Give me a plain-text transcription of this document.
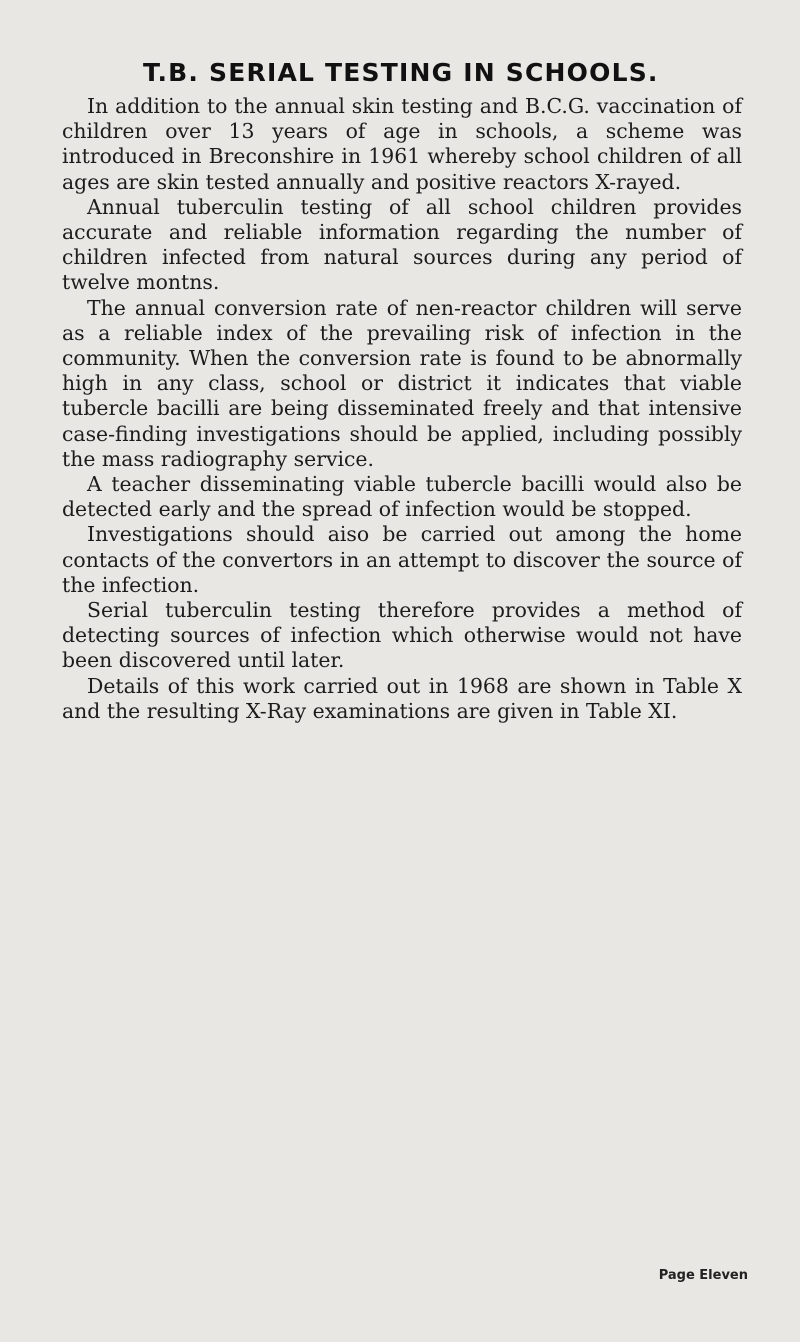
T.B. SERIAL TESTING IN SCHOOLS.

In addition to the annual skin testing and B.C.G. vaccination of children over 13 years of age in schools, a scheme was introduced in Breconshire in 1961 whereby school children of all ages are skin tested annually and positive reactors X-rayed.

Annual tuberculin testing of all school children provides accurate and reliable information regarding the number of children infected from natural sources during any period of twelve montns.

The annual conversion rate of nen-reactor children will serve as a reliable index of the prevailing risk of infection in the community. When the conversion rate is found to be abnormally high in any class, school or district it indicates that viable tubercle bacilli are being disseminated freely and that intensive case-finding investigations should be applied, including possibly the mass radiography service.

A teacher disseminating viable tubercle bacilli would also be detected early and the spread of infection would be stopped.

Investigations should aiso be carried out among the home contacts of the convertors in an attempt to discover the source of the infection.

Serial tuberculin testing therefore provides a method of detecting sources of infection which otherwise would not have been discovered until later.

Details of this work carried out in 1968 are shown in Table X and the resulting X-Ray examinations are given in Table XI.

Page Eleven
